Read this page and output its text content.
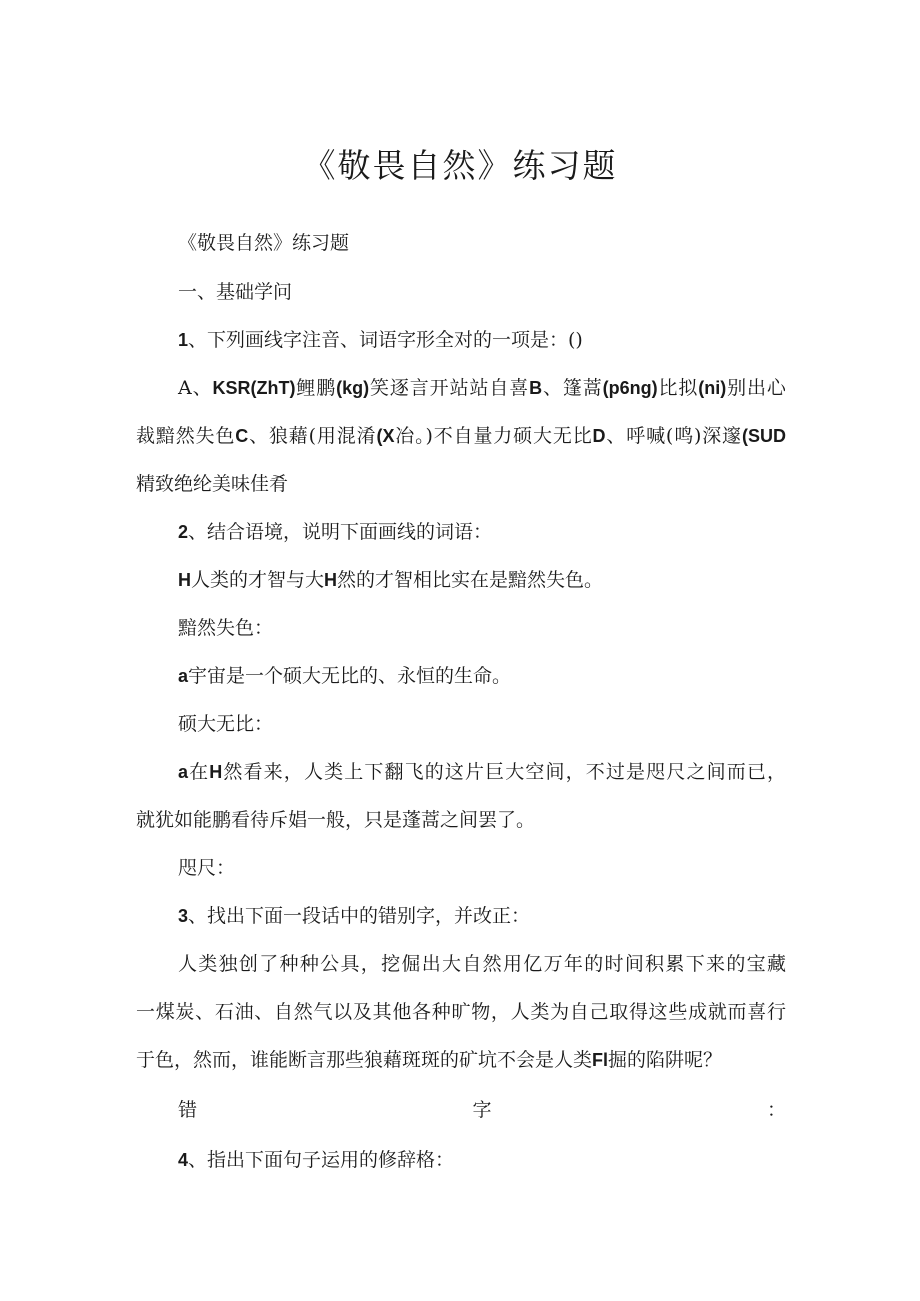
《敬畏自然》练习题
《敬畏自然》练习题
一、基础学问
1、下列画线字注音、词语字形全对的一项是：()
A、KSR(ZhT)鲤鹏(kg)笑逐言开站站自喜B、篷蒿(p6ng)比拟(ni)别出心
裁黯然失色C、狼藉(用混淆(X冶。)不自量力硕大无比D、呼喊(鸣)深邃(SUD
精致绝纶美味佳肴
2、结合语境，说明下面画线的词语：
H人类的才智与大H然的才智相比实在是黯然失色。
黯然失色：
a宇宙是一个硕大无比的、永恒的生命。
硕大无比：
a在H然看来，人类上下翻飞的这片巨大空间，不过是咫尺之间而已，
就犹如能鹏看待斥娼一般，只是蓬蒿之间罢了。
咫尺：
3、找出下面一段话中的错别字，并改正：
人类独创了种种公具，挖倔出大自然用亿万年的时间积累下来的宝藏
一煤炭、石油、自然气以及其他各种旷物，人类为自己取得这些成就而喜行
于色，然而，谁能断言那些狼藉斑斑的矿坑不会是人类Fl掘的陷阱呢？
错	字	：
4、指出下面句子运用的修辞格：
